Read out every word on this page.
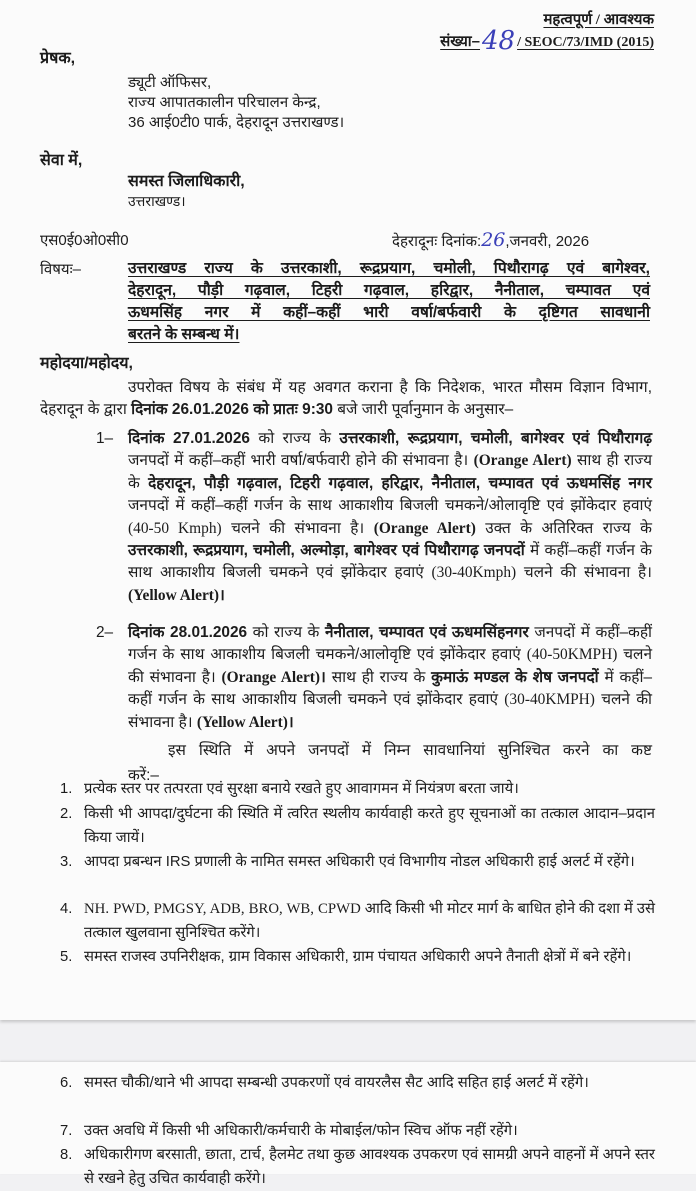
महत्वपूर्ण / आवश्यक
संख्या–48 / SEOC/73/IMD (2015)
प्रेषक,
ड्यूटी ऑफिसर,
राज्य आपातकालीन परिचालन केन्द्र,
36 आई0टी0 पार्क, देहरादून उत्तराखण्ड।
सेवा में,
समस्त जिलाधिकारी,
उत्तराखण्ड।
एस0ई0ओ0सी0	देहरादूनः दिनांक:26,जनवरी, 2026
विषयः–	उत्तराखण्ड राज्य के उत्तरकाशी, रूद्रप्रयाग, चमोली, पिथौरागढ़ एवं बागेश्वर,
देहरादून, पौड़ी गढ़वाल, टिहरी गढ़वाल, हरिद्वार, नैनीताल, चम्पावत एवं
ऊधमसिंह नगर में कहीं–कहीं भारी वर्षा/बर्फवारी के दृष्टिगत सावधानी
बरतने के सम्बन्ध में।
महोदया/महोदय,
उपरोक्त विषय के संबंध में यह अवगत कराना है कि निदेशक, भारत मौसम विज्ञान विभाग, देहरादून के द्वारा दिनांक 26.01.2026 को प्रातः 9:30 बजे जारी पूर्वानुमान के अनुसार–
1– दिनांक 27.01.2026 को राज्य के उत्तरकाशी, रूद्रप्रयाग, चमोली, बागेश्वर एवं पिथौरागढ़ जनपदों में कहीं–कहीं भारी वर्षा/बर्फवारी होने की संभावना है। (Orange Alert) साथ ही राज्य के देहरादून, पौड़ी गढ़वाल, टिहरी गढ़वाल, हरिद्वार, नैनीताल, चम्पावत एवं ऊधमसिंह नगर जनपदों में कहीं–कहीं गर्जन के साथ आकाशीय बिजली चमकने/ओलावृष्टि एवं झोंकेदार हवाएं (40-50 Kmph) चलने की संभावना है। (Orange Alert) उक्त के अतिरिक्त राज्य के उत्तरकाशी, रूद्रप्रयाग, चमोली, अल्मोड़ा, बागेश्वर एवं पिथौरागढ़ जनपदों में कहीं–कहीं गर्जन के साथ आकाशीय बिजली चमकने एवं झोंकेदार हवाएं (30-40Kmph) चलने की संभावना है। (Yellow Alert)।
2– दिनांक 28.01.2026 को राज्य के नैनीताल, चम्पावत एवं ऊधमसिंहनगर जनपदों में कहीं–कहीं गर्जन के साथ आकाशीय बिजली चमकने/आलोवृष्टि एवं झोंकेदार हवाएं (40-50KMPH) चलने की संभावना है। (Orange Alert)। साथ ही राज्य के कुमाऊं मण्डल के शेष जनपदों में कहीं–कहीं गर्जन के साथ आकाशीय बिजली चमकने एवं झोंकेदार हवाएं (30-40KMPH) चलने की संभावना है। (Yellow Alert)।
इस स्थिति में अपने जनपदों में निम्न सावधानियां सुनिश्चित करने का कष्ट
करें:–
1. प्रत्येक स्तर पर तत्परता एवं सुरक्षा बनाये रखते हुए आवागमन में नियंत्रण बरता जाये।
2. किसी भी आपदा/दुर्घटना की स्थिति में त्वरित स्थलीय कार्यवाही करते हुए सूचनाओं का तत्काल आदान–प्रदान किया जायें।
3. आपदा प्रबन्धन IRS प्रणाली के नामित समस्त अधिकारी एवं विभागीय नोडल अधिकारी हाई अलर्ट में रहेंगे।
4. NH. PWD, PMGSY, ADB, BRO, WB, CPWD आदि किसी भी मोटर मार्ग के बाधित होने की दशा में उसे तत्काल खुलवाना सुनिश्चित करेंगे।
5. समस्त राजस्व उपनिरीक्षक, ग्राम विकास अधिकारी, ग्राम पंचायत अधिकारी अपने तैनाती क्षेत्रों में बने रहेंगे।
6. समस्त चौकी/थाने भी आपदा सम्बन्धी उपकरणों एवं वायरलैस सैट आदि सहित हाई अलर्ट में रहेंगे।
7. उक्त अवधि में किसी भी अधिकारी/कर्मचारी के मोबाईल/फोन स्विच ऑफ नहीं रहेंगे।
8. अधिकारीगण बरसाती, छाता, टार्च, हैलमेट तथा कुछ आवश्यक उपकरण एवं सामग्री अपने वाहनों में अपने स्तर से रखने हेतु उचित कार्यवाही करेंगे।
